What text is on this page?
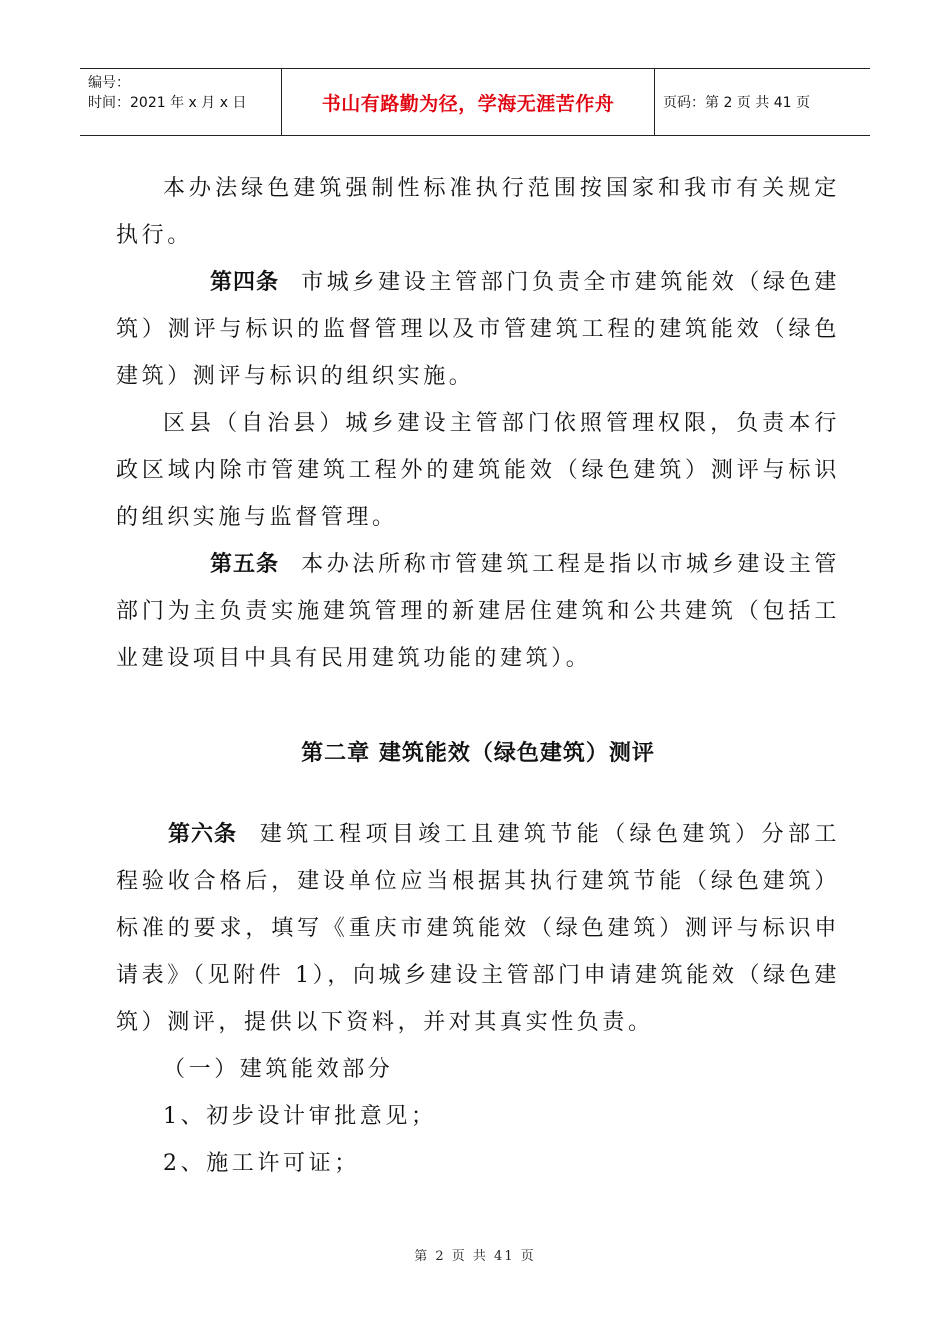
编号：
时间：2021 年 x 月 x 日	书山有路勤为径，学海无涯苦作舟	页码：第 2 页 共 41 页

本办法绿色建筑强制性标准执行范围按国家和我市有关规定执行。

第四条 市城乡建设主管部门负责全市建筑能效（绿色建筑）测评与标识的监督管理以及市管建筑工程的建筑能效（绿色建筑）测评与标识的组织实施。

区县（自治县）城乡建设主管部门依照管理权限，负责本行政区域内除市管建筑工程外的建筑能效（绿色建筑）测评与标识的组织实施与监督管理。

第五条 本办法所称市管建筑工程是指以市城乡建设主管部门为主负责实施建筑管理的新建居住建筑和公共建筑（包括工业建设项目中具有民用建筑功能的建筑）。

第二章 建筑能效（绿色建筑）测评

第六条 建筑工程项目竣工且建筑节能（绿色建筑）分部工程验收合格后，建设单位应当根据其执行建筑节能（绿色建筑）标准的要求，填写《重庆市建筑能效（绿色建筑）测评与标识申请表》（见附件 1），向城乡建设主管部门申请建筑能效（绿色建筑）测评，提供以下资料，并对其真实性负责。

（一）建筑能效部分

1、初步设计审批意见；

2、施工许可证；

第 2 页 共 41 页
